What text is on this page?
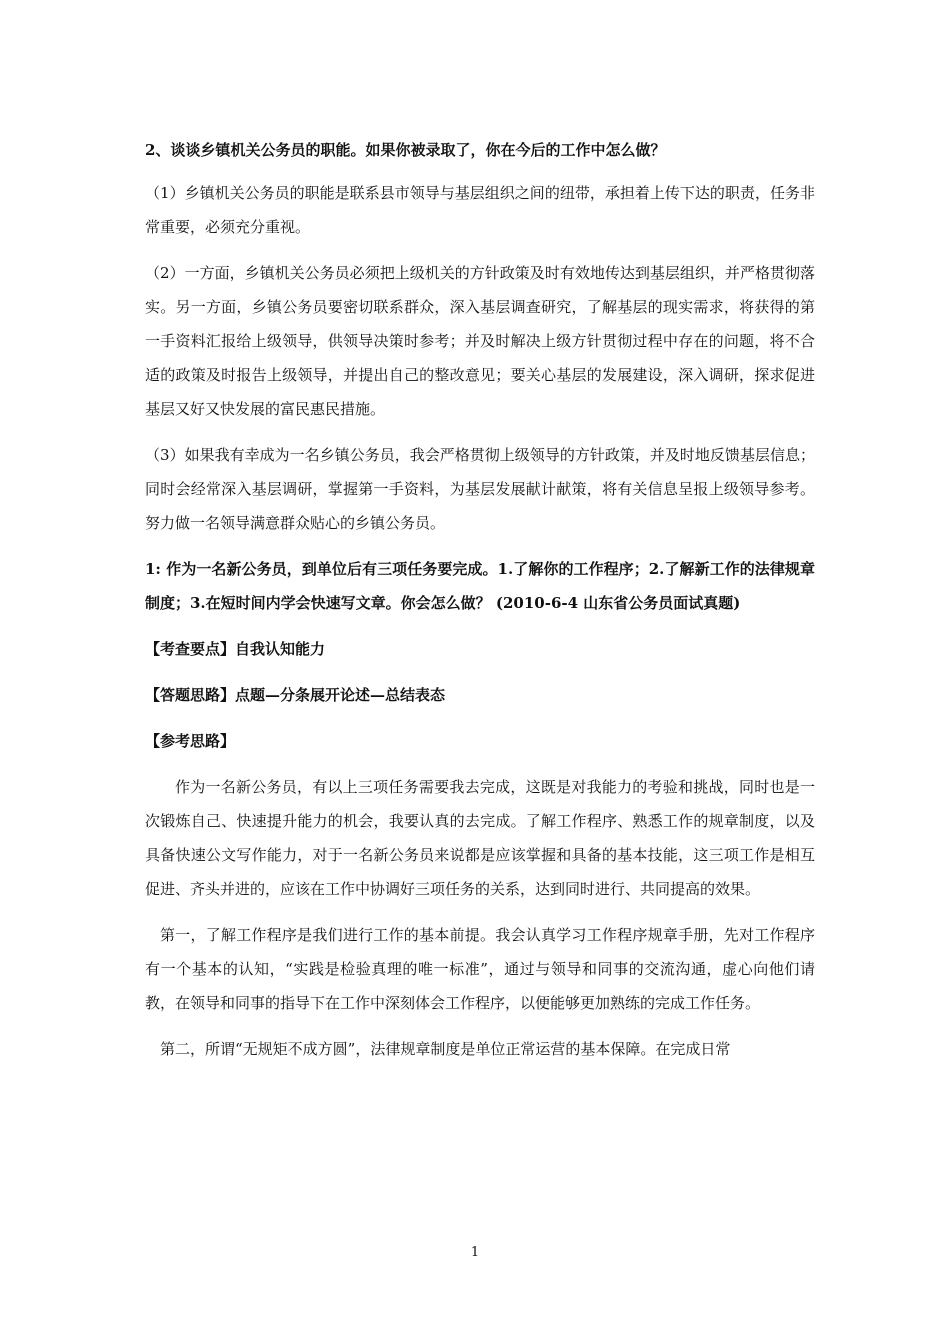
2、谈谈乡镇机关公务员的职能。如果你被录取了，你在今后的工作中怎么做？

（1）乡镇机关公务员的职能是联系县市领导与基层组织之间的纽带，承担着上传下达的职责，任务非常重要，必须充分重视。

（2）一方面，乡镇机关公务员必须把上级机关的方针政策及时有效地传达到基层组织，并严格贯彻落实。另一方面，乡镇公务员要密切联系群众，深入基层调查研究，了解基层的现实需求，将获得的第一手资料汇报给上级领导，供领导决策时参考；并及时解决上级方针贯彻过程中存在的问题，将不合适的政策及时报告上级领导，并提出自己的整改意见；要关心基层的发展建设，深入调研，探求促进基层又好又快发展的富民惠民措施。

（3）如果我有幸成为一名乡镇公务员，我会严格贯彻上级领导的方针政策，并及时地反馈基层信息；同时会经常深入基层调研，掌握第一手资料，为基层发展献计献策，将有关信息呈报上级领导参考。努力做一名领导满意群众贴心的乡镇公务员。

1: 作为一名新公务员，到单位后有三项任务要完成。1.了解你的工作程序；2.了解新工作的法律规章制度；3.在短时间内学会快速写文章。你会怎么做？ (2010-6-4 山东省公务员面试真题)

【考查要点】自我认知能力

【答题思路】点题—分条展开论述—总结表态

【参考思路】

作为一名新公务员，有以上三项任务需要我去完成，这既是对我能力的考验和挑战，同时也是一次锻炼自己、快速提升能力的机会，我要认真的去完成。了解工作程序、熟悉工作的规章制度，以及具备快速公文写作能力，对于一名新公务员来说都是应该掌握和具备的基本技能，这三项工作是相互促进、齐头并进的，应该在工作中协调好三项任务的关系，达到同时进行、共同提高的效果。

第一，了解工作程序是我们进行工作的基本前提。我会认真学习工作程序规章手册，先对工作程序有一个基本的认知，“实践是检验真理的唯一标准”，通过与领导和同事的交流沟通，虚心向他们请教，在领导和同事的指导下在工作中深刻体会工作程序，以便能够更加熟练的完成工作任务。

第二，所谓“无规矩不成方圆”，法律规章制度是单位正常运营的基本保障。在完成日常

1
